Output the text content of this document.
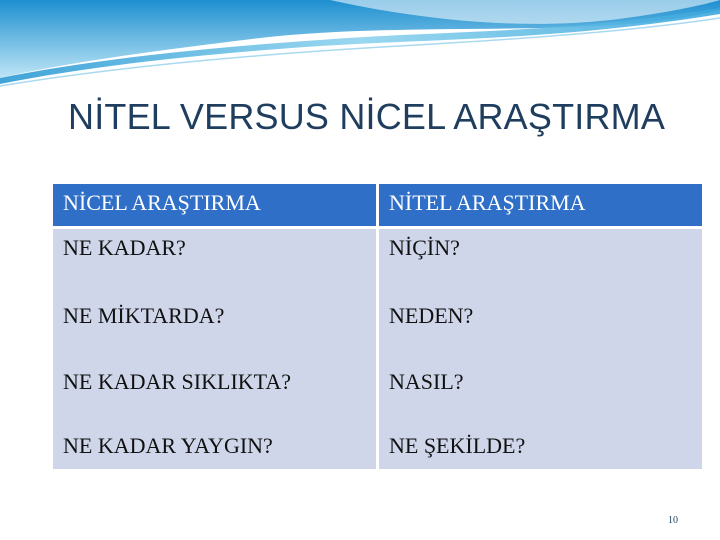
NİTEL VERSUS NİCEL ARAŞTIRMA
NİCEL ARAŞTIRMA	NİTEL ARAŞTIRMA
NE KADAR?	NİÇİN?
NE MİKTARDA?	NEDEN?
NE KADAR SIKLIKTA?	NASIL?
NE KADAR YAYGIN?	NE ŞEKİLDE?
10
